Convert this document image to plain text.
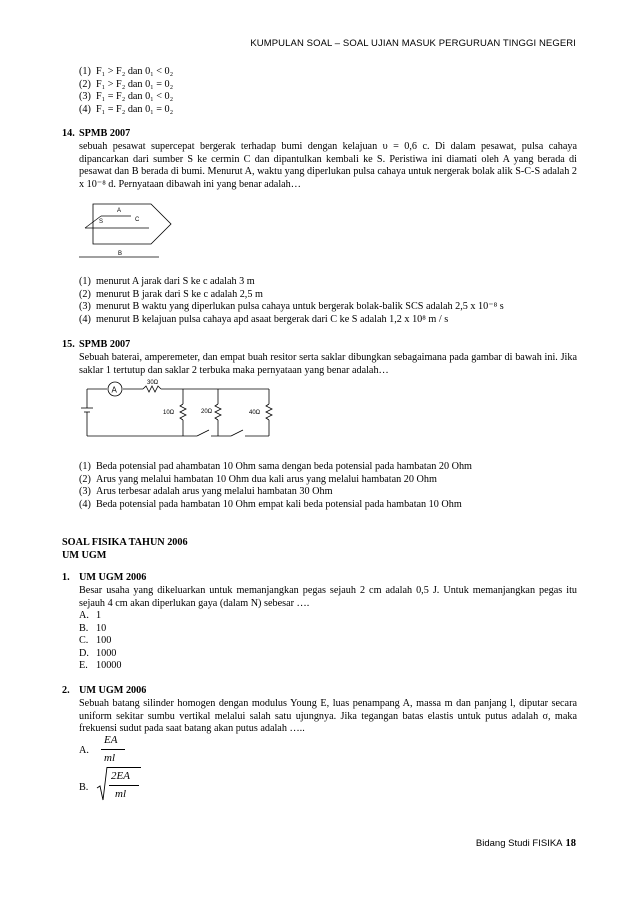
KUMPULAN SOAL – SOAL UJIAN MASUK PERGURUAN TINGGI NEGERI
(1) F₁ > F₂ dan 0₁ < 0₂
(2) F₁ > F₂ dan 0₁ = 0₂
(3) F₁ = F₂ dan 0₁ < 0₂
(4) F₁ = F₂ dan 0₁ = 0₂
14. SPMB 2007
sebuah pesawat supercepat bergerak terhadap bumi dengan kelajuan υ = 0,6 c. Di dalam pesawat, pulsa cahaya dipancarkan dari sumber S ke cermin C dan dipantulkan kembali ke S. Peristiwa ini diamati oleh A yang berada di pesawat dan B berada di bumi. Menurut A, waktu yang diperlukan pulsa cahaya untuk nergerak bolak alik S-C-S adalah 2 x 10⁻⁸ d. Pernyataan dibawah ini yang benar adalah…
A
S	C
B
(1) menurut A jarak dari S ke c adalah 3 m
(2) menurut B jarak dari S ke c adalah 2,5 m
(3) menurut B waktu yang diperlukan pulsa cahaya untuk bergerak bolak-balik SCS adalah 2,5 x 10⁻⁸ s
(4) menurut B kelajuan pulsa cahaya apd asaat bergerak dari C ke S adalah 1,2 x 10⁸ m / s
15. SPMB 2007
Sebuah baterai, amperemeter, dan empat buah resitor serta saklar dibungkan sebagaimana pada gambar di bawah ini. Jika saklar 1 tertutup dan saklar 2 terbuka maka pernyataan yang benar adalah…
A
30Ω
10Ω	20Ω	40Ω
(1) Beda potensial pad ahambatan 10 Ohm sama dengan beda potensial pada hambatan 20 Ohm
(2) Arus yang melalui hambatan 10 Ohm dua kali arus yang melalui hambatan 20 Ohm
(3) Arus terbesar adalah arus yang melalui hambatan 30 Ohm
(4) Beda potensial pada hambatan 10 Ohm empat kali beda potensial pada hambatan 10 Ohm
SOAL FISIKA TAHUN 2006
UM UGM
1. UM UGM 2006
Besar usaha yang dikeluarkan untuk memanjangkan pegas sejauh 2 cm adalah 0,5 J. Untuk memanjangkan pegas itu sejauh 4 cm akan diperlukan gaya (dalam N) sebesar ….
A. 1
B. 10
C. 100
D. 1000
E. 10000
2. UM UGM 2006
Sebuah batang silinder homogen dengan modulus Young E, luas penampang A, massa m dan panjang l, diputar secara uniform sekitar sumbu vertikal melalui salah satu ujungnya. Jika tegangan batas elastis untuk putus adalah σ, maka frekuensi sudut pada saat batang akan putus adalah …..
A.
EA
ml
B.
2EA
ml
Bidang Studi FISIKA 18
